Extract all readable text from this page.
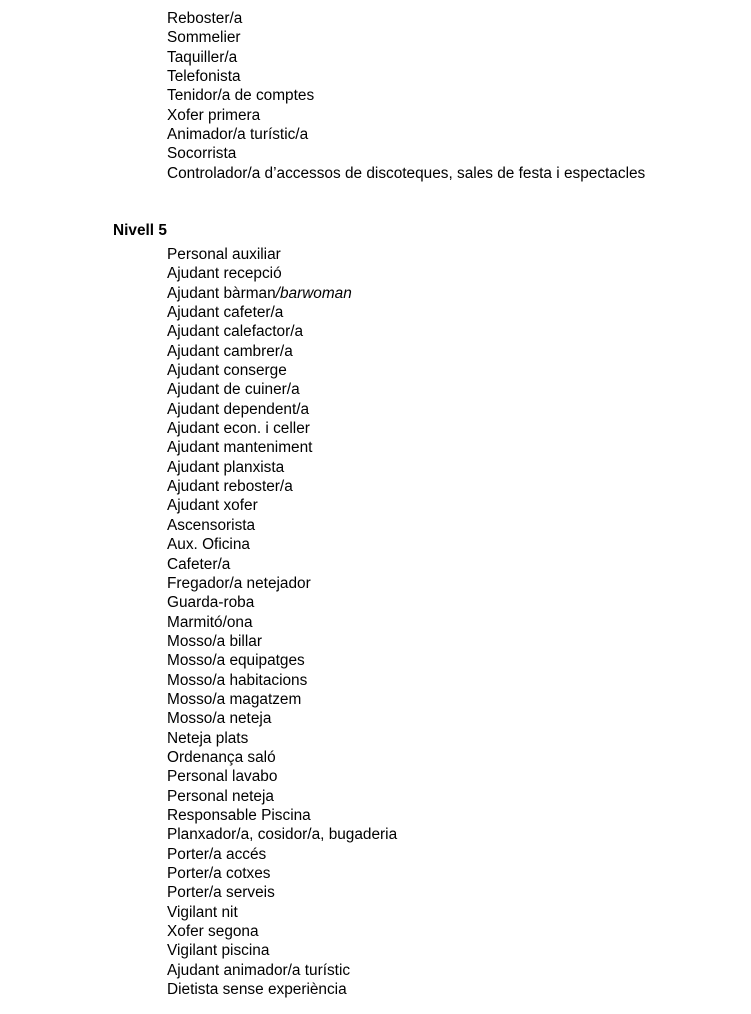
Reboster/a
Sommelier
Taquiller/a
Telefonista
Tenidor/a de comptes
Xofer primera
Animador/a turístic/a
Socorrista
Controlador/a d’accessos de discoteques, sales de festa i espectacles
Nivell 5
Personal auxiliar
Ajudant recepció
Ajudant bàrman/barwoman
Ajudant cafeter/a
Ajudant calefactor/a
Ajudant cambrer/a
Ajudant conserge
Ajudant de cuiner/a
Ajudant dependent/a
Ajudant econ. i celler
Ajudant manteniment
Ajudant planxista
Ajudant reboster/a
Ajudant xofer
Ascensorista
Aux. Oficina
Cafeter/a
Fregador/a netejador
Guarda-roba
Marmitó/ona
Mosso/a billar
Mosso/a equipatges
Mosso/a habitacions
Mosso/a magatzem
Mosso/a neteja
Neteja plats
Ordenança saló
Personal lavabo
Personal neteja
Responsable Piscina
Planxador/a, cosidor/a, bugaderia
Porter/a accés
Porter/a cotxes
Porter/a serveis
Vigilant nit
Xofer segona
Vigilant piscina
Ajudant animador/a turístic
Dietista sense experiència
